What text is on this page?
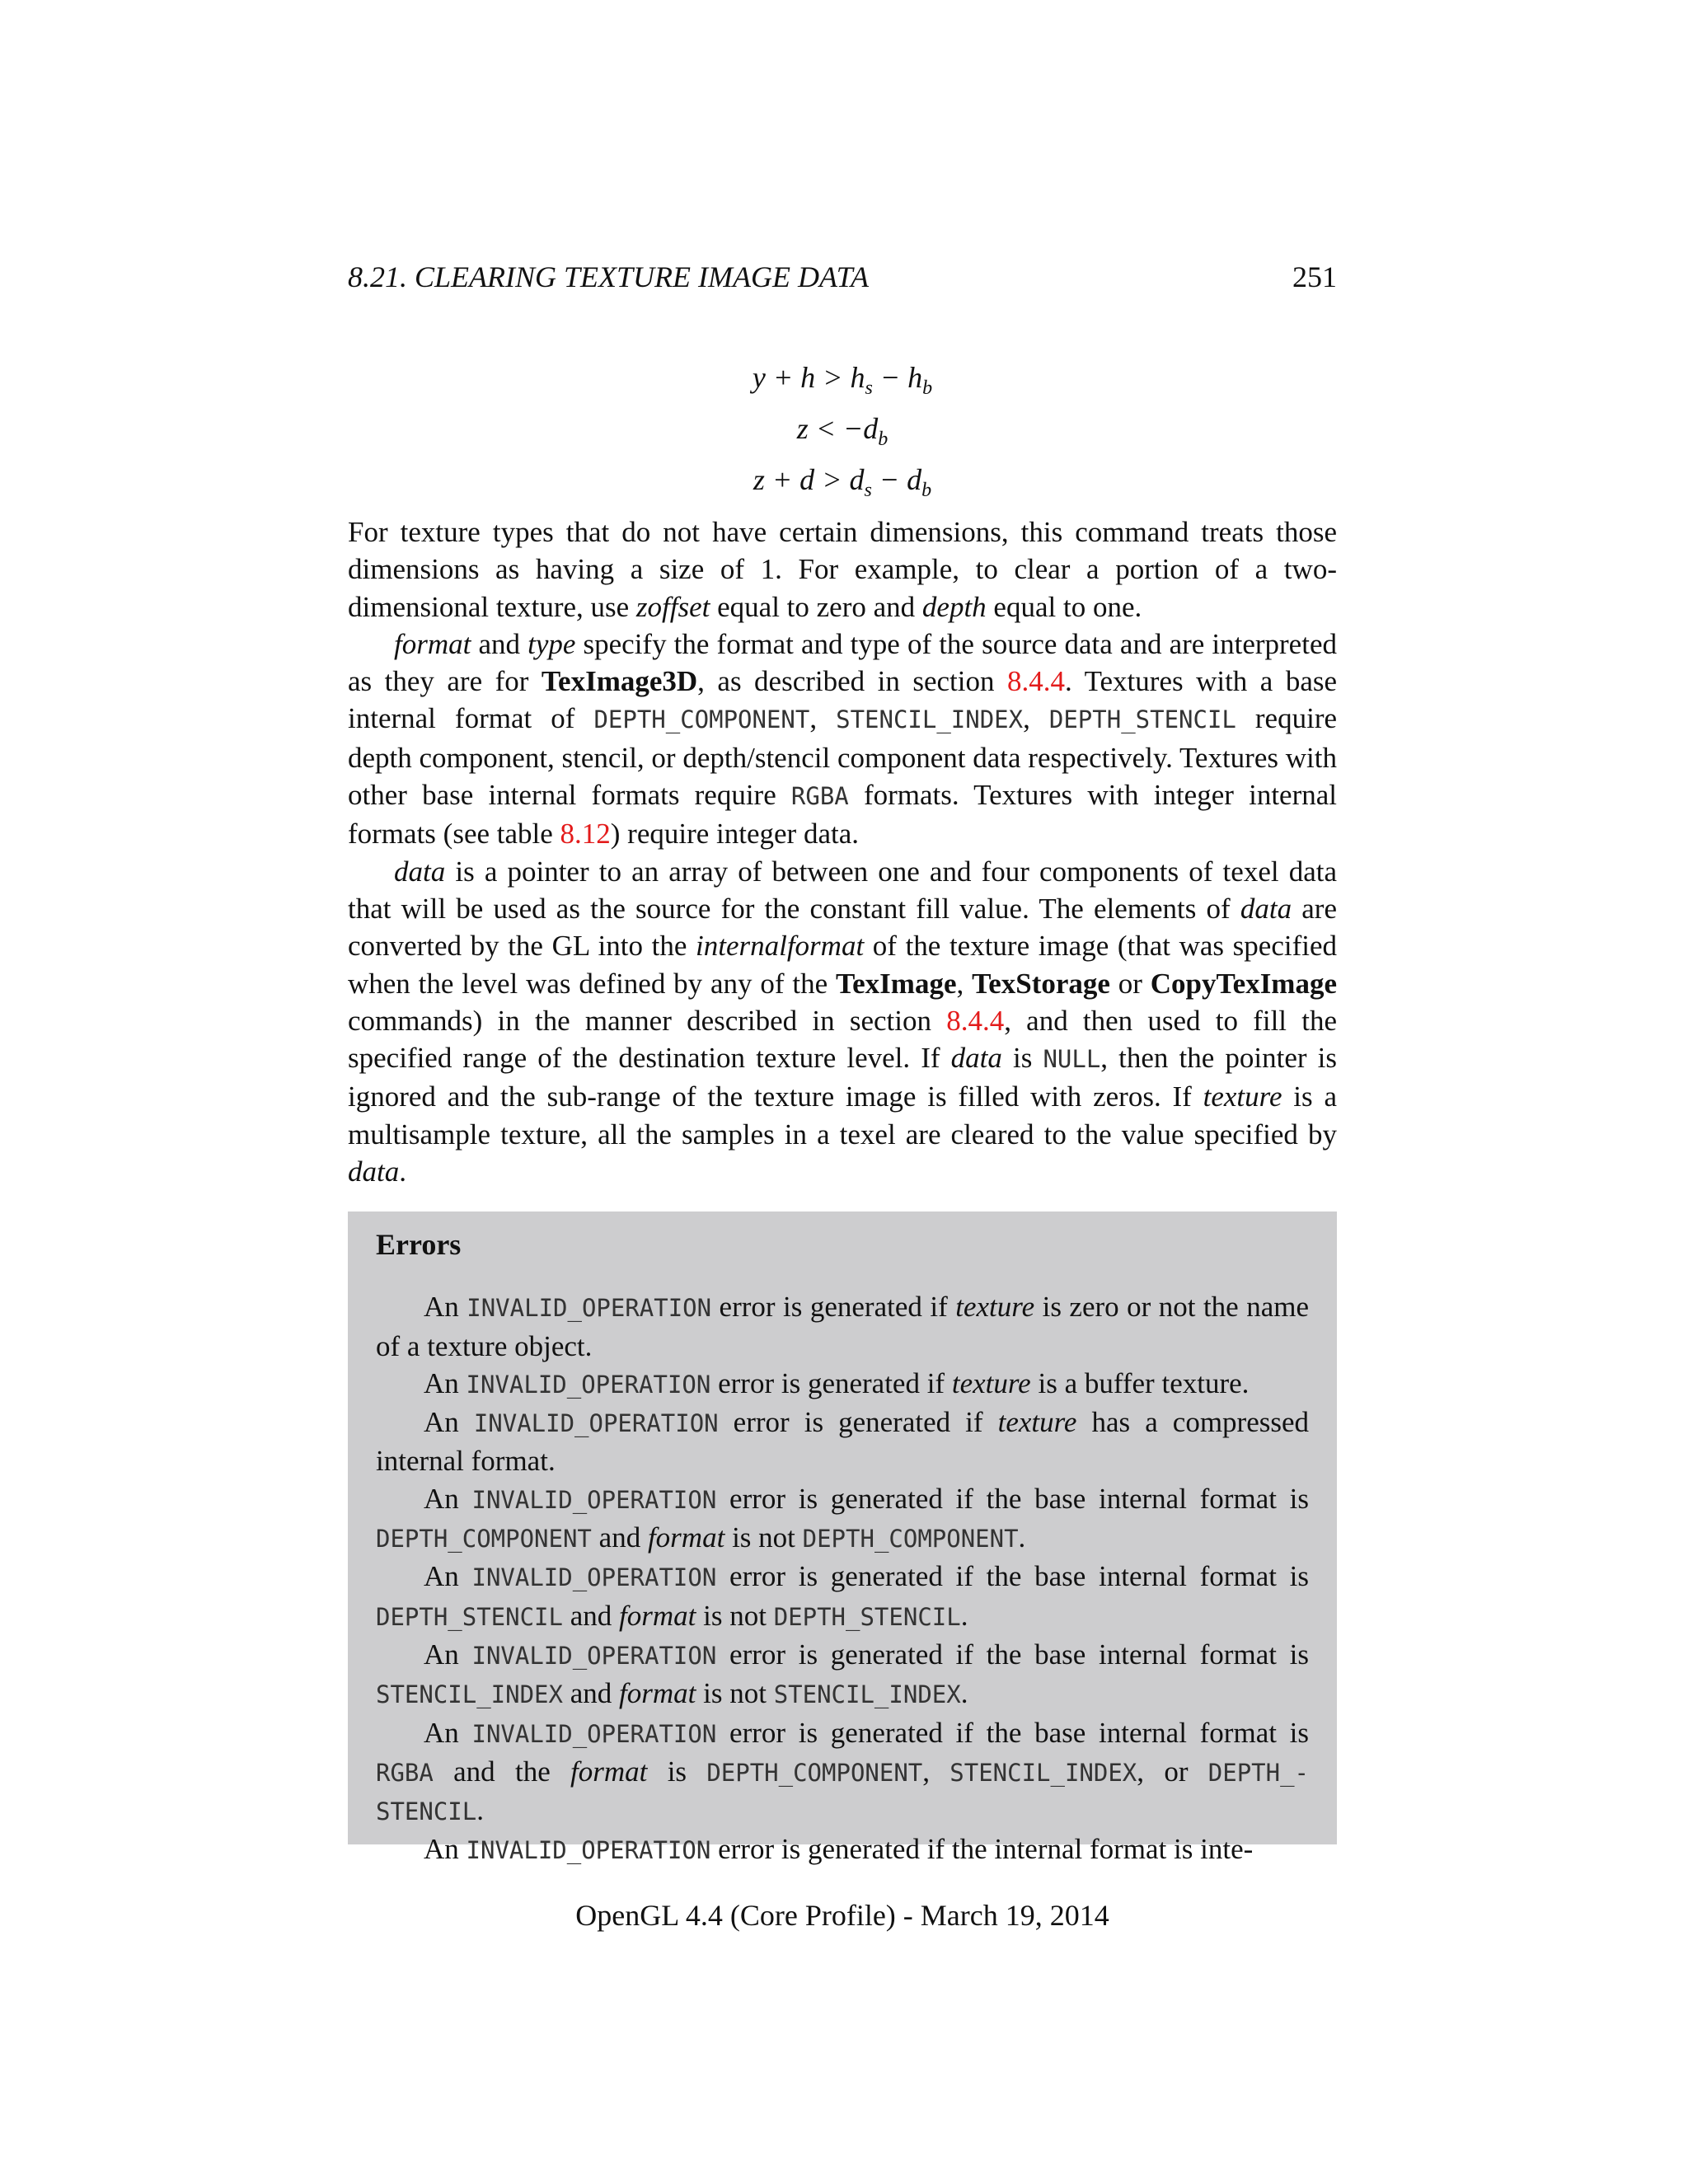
8.21. CLEARING TEXTURE IMAGE DATA	251
$y + h > h_s - h_b$
$z < -d_b$
$z + d > d_s - d_b$

For texture types that do not have certain dimensions, this command treats those dimensions as having a size of 1. For example, to clear a portion of a two-dimensional texture, use zoffset equal to zero and depth equal to one.

format and type specify the format and type of the source data and are interpreted as they are for TexImage3D, as described in section 8.4.4. Textures with a base internal format of DEPTH_COMPONENT, STENCIL_INDEX, DEPTH_STENCIL require depth component, stencil, or depth/stencil component data respectively. Textures with other base internal formats require RGBA formats. Textures with integer internal formats (see table 8.12) require integer data.

data is a pointer to an array of between one and four components of texel data that will be used as the source for the constant fill value. The elements of data are converted by the GL into the internalformat of the texture image (that was specified when the level was defined by any of the TexImage, TexStorage or CopyTexImage commands) in the manner described in section 8.4.4, and then used to fill the specified range of the destination texture level. If data is NULL, then the pointer is ignored and the sub-range of the texture image is filled with zeros. If texture is a multisample texture, all the samples in a texel are cleared to the value specified by data.

Errors

An INVALID_OPERATION error is generated if texture is zero or not the name of a texture object.

An INVALID_OPERATION error is generated if texture is a buffer texture.

An INVALID_OPERATION error is generated if texture has a compressed internal format.

An INVALID_OPERATION error is generated if the base internal format is DEPTH_COMPONENT and format is not DEPTH_COMPONENT.

An INVALID_OPERATION error is generated if the base internal format is DEPTH_STENCIL and format is not DEPTH_STENCIL.

An INVALID_OPERATION error is generated if the base internal format is STENCIL_INDEX and format is not STENCIL_INDEX.

An INVALID_OPERATION error is generated if the base internal format is RGBA and the format is DEPTH_COMPONENT, STENCIL_INDEX, or DEPTH_-STENCIL.

An INVALID_OPERATION error is generated if the internal format is inte-

OpenGL 4.4 (Core Profile) - March 19, 2014
